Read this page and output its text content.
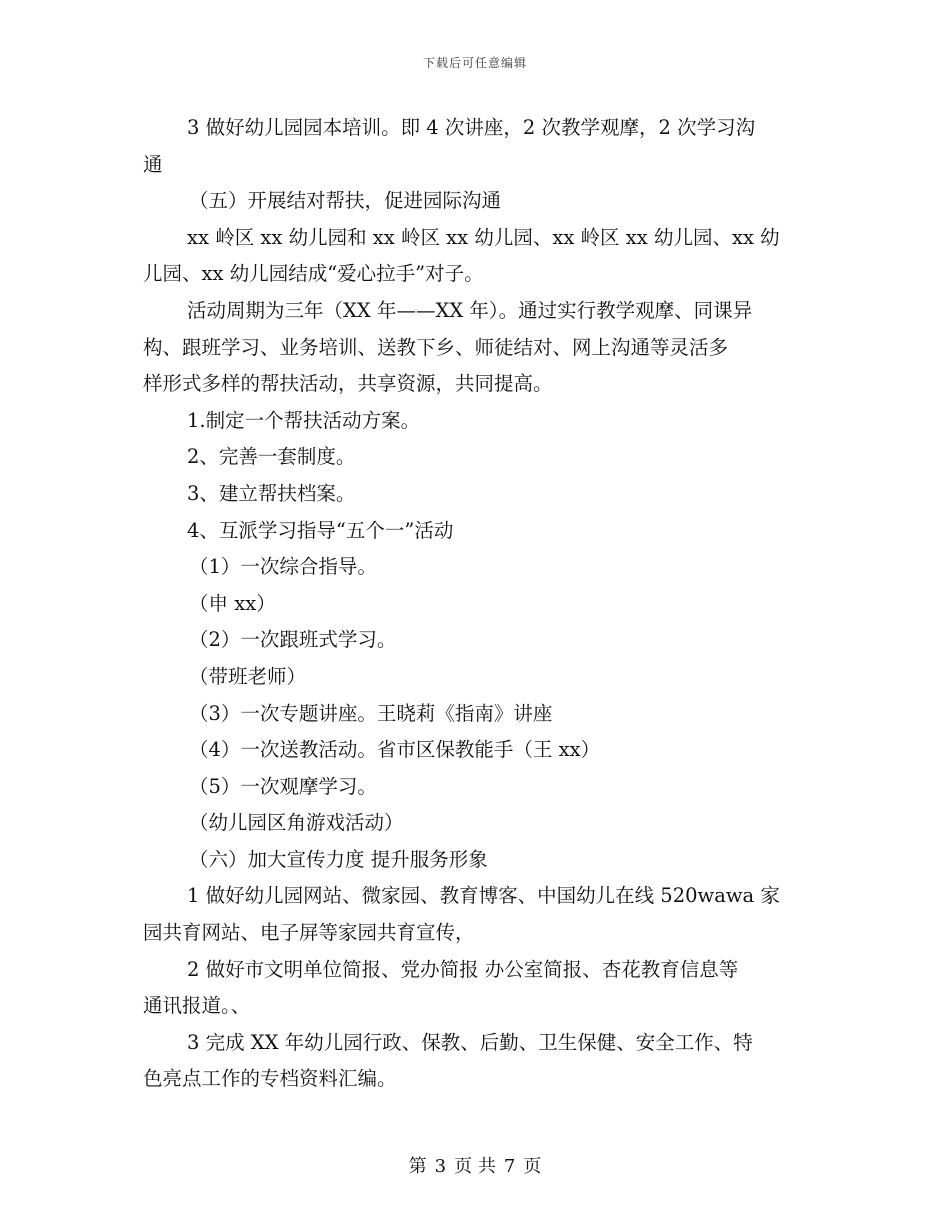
下载后可任意编辑
3 做好幼儿园园本培训。即 4 次讲座，2 次教学观摩，2 次学习沟
通
（五）开展结对帮扶，促进园际沟通
xx 岭区 xx 幼儿园和 xx 岭区 xx 幼儿园、xx 岭区 xx 幼儿园、xx 幼
儿园、xx 幼儿园结成“爱心拉手”对子。
活动周期为三年（XX 年——XX 年）。通过实行教学观摩、同课异
构、跟班学习、业务培训、送教下乡、师徒结对、网上沟通等灵活多
样形式多样的帮扶活动，共享资源，共同提高。
1.制定一个帮扶活动方案。
2、完善一套制度。
3、建立帮扶档案。
4、互派学习指导“五个一”活动
（1）一次综合指导。
（申 xx）
（2）一次跟班式学习。
（带班老师）
（3）一次专题讲座。王晓莉《指南》讲座
（4）一次送教活动。省市区保教能手（王 xx）
（5）一次观摩学习。
（幼儿园区角游戏活动）
（六）加大宣传力度 提升服务形象
1 做好幼儿园网站、微家园、教育博客、中国幼儿在线 520wawa 家
园共育网站、电子屏等家园共育宣传，
2 做好市文明单位简报、党办简报 办公室简报、杏花教育信息等
通讯报道。、
3 完成 XX 年幼儿园行政、保教、后勤、卫生保健、安全工作、特
色亮点工作的专档资料汇编。
第 3 页 共 7 页
